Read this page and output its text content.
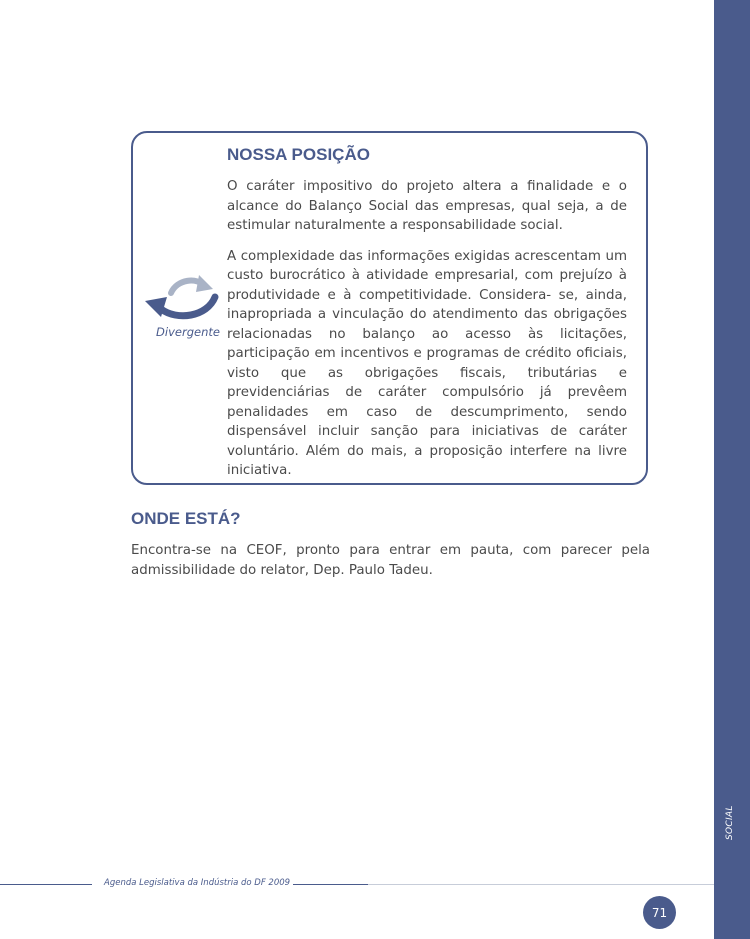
SOCIAL
Divergente
NOSSA POSIÇÃO

O caráter impositivo do projeto altera a finalidade e o alcance do Balanço Social das empresas, qual seja, a de estimular naturalmente a responsabilidade social.

A complexidade das informações exigidas acrescentam um custo burocrático à atividade empresarial, com prejuízo à produtividade e à competitividade. Considera- se, ainda, inapropriada a vinculação do atendimento das obrigações relacionadas no balanço ao acesso às licitações, participação em incentivos e programas de crédito oficiais, visto que as obrigações fiscais, tributárias e previdenciárias de caráter compulsório já prevêem penalidades em caso de descumprimento, sendo dispensável incluir sanção para iniciativas de caráter voluntário. Além do mais, a proposição interfere na livre iniciativa.

ONDE ESTÁ?

Encontra-se na CEOF, pronto para entrar em pauta, com parecer pela admissibilidade do relator, Dep. Paulo Tadeu.

Agenda Legislativa da Indústria do DF 2009
71
